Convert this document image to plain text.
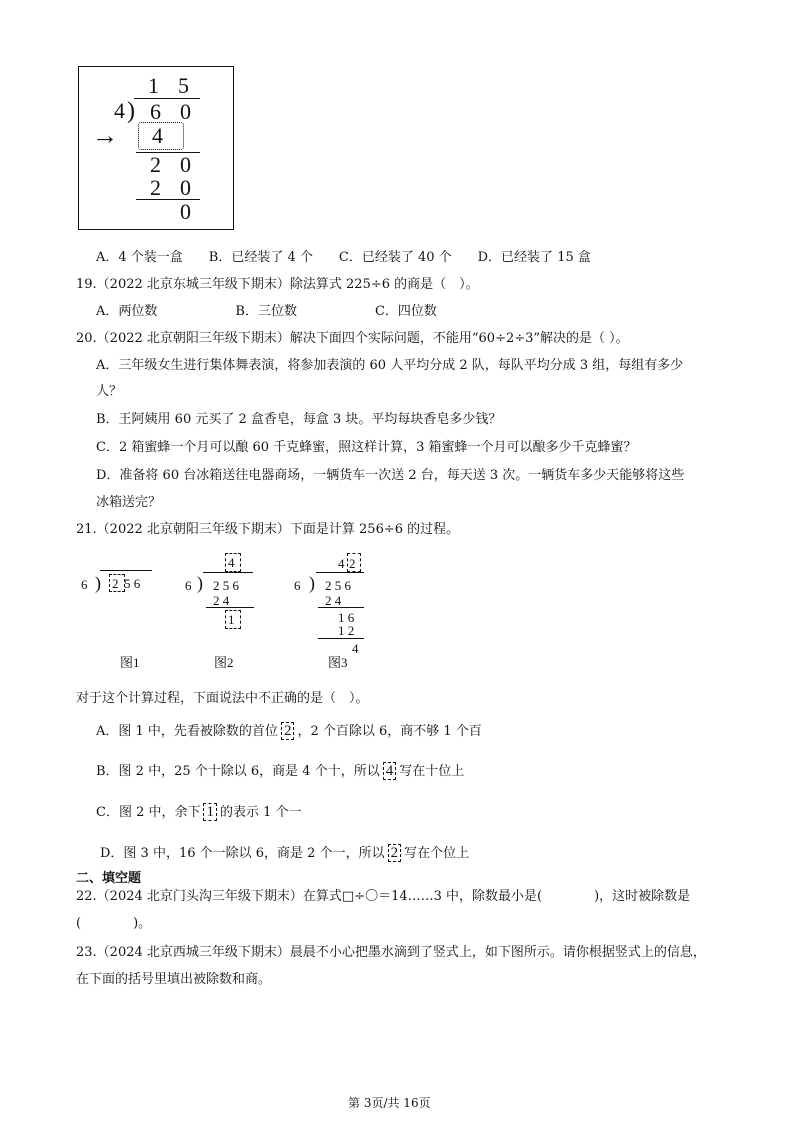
1 5
4 ) 6 0
→ 4
2 0
2 0
0
A．4 个装一盒　　B．已经装了 4 个　　C．已经装了 40 个　　D．已经装了 15 盒
19.（2022 北京东城三年级下期末）除法算式 225÷6 的商是（　）。
A．两位数　　　　　　B．三位数　　　　　　C．四位数
20.（2022 北京朝阳三年级下期末）解决下面四个实际问题，不能用“60÷2÷3”解决的是（ ）。
A．三年级女生进行集体舞表演，将参加表演的 60 人平均分成 2 队，每队平均分成 3 组，每组有多少
人？
B．王阿姨用 60 元买了 2 盒香皂，每盒 3 块。平均每块香皂多少钱？
C．2 箱蜜蜂一个月可以酿 60 千克蜂蜜，照这样计算，3 箱蜜蜂一个月可以酿多少千克蜂蜜？
D．准备将 60 台冰箱送往电器商场，一辆货车一次送 2 台，每天送 3 次。一辆货车多少天能够将这些
冰箱送完？
21.（2022 北京朝阳三年级下期末）下面是计算 256÷6 的过程。
6 ) 2 5 6
图1
4
6 ) 2 5 6
2 4
1
图2
4 2
6 ) 2 5 6
2 4
1 6
1 2
4
图3
对于这个计算过程，下面说法中不正确的是（　）。
A．图 1 中，先看被除数的首位 2 ，2 个百除以 6，商不够 1 个百
B．图 2 中，25 个十除以 6，商是 4 个十，所以 4 写在十位上
C．图 2 中，余下 1 的表示 1 个一
D．图 3 中，16 个一除以 6，商是 2 个一，所以 2 写在个位上
二、填空题
22.（2024 北京门头沟三年级下期末）在算式□÷〇＝14……3 中，除数最小是(　　　　)，这时被除数是
(　　　　)。
23.（2024 北京西城三年级下期末）晨晨不小心把墨水滴到了竖式上，如下图所示。请你根据竖式上的信息，
在下面的括号里填出被除数和商。
第 3页/共 16页
